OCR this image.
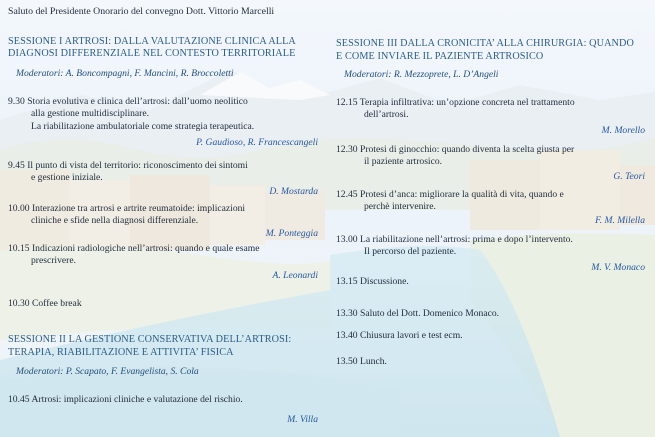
Saluto del Presidente Onorario del convegno Dott. Vittorio Marcelli
SESSIONE I ARTROSI: DALLA VALUTAZIONE CLINICA ALLA
DIAGNOSI DIFFERENZIALE NEL CONTESTO TERRITORIALE
Moderatori: A. Boncompagni, F. Mancini, R. Broccoletti
9.30 Storia evolutiva e clinica dell’artrosi: dall’uomo neolitico
alla gestione multidisciplinare.
La riabilitazione ambulatoriale come strategia terapeutica.
P. Gaudioso, R. Francescangeli
9.45 Il punto di vista del territorio: riconoscimento dei sintomi
e gestione iniziale.
D. Mostarda
10.00 Interazione tra artrosi e artrite reumatoide: implicazioni
cliniche e sfide nella diagnosi differenziale.
M. Ponteggia
10.15 Indicazioni radiologiche nell’artrosi: quando e quale esame
prescrivere.
A. Leonardi
10.30 Coffee break
SESSIONE II LA GESTIONE CONSERVATIVA DELL’ARTROSI:
TERAPIA, RIABILITAZIONE E ATTIVITA’ FISICA
Moderatori: P. Scapato, F. Evangelista, S. Cola
10.45 Artrosi: implicazioni cliniche e valutazione del rischio.
M. Villa
SESSIONE III DALLA CRONICITA’ ALLA CHIRURGIA: QUANDO
E COME INVIARE IL PAZIENTE ARTROSICO
Moderatori: R. Mezzoprete, L. D’Angeli
12.15 Terapia infiltrativa: un’opzione concreta nel trattamento
dell’artrosi.
M. Morello
12.30 Protesi di ginocchio: quando diventa la scelta giusta per
il paziente artrosico.
G. Teori
12.45 Protesi d’anca: migliorare la qualità di vita, quando e
perchè intervenire.
F. M. Milella
13.00 La riabilitazione nell’artrosi: prima e dopo l’intervento.
Il percorso del paziente.
M. V. Monaco
13.15 Discussione.
13.30 Saluto del Dott. Domenico Monaco.
13.40 Chiusura lavori e test ecm.
13.50 Lunch.
